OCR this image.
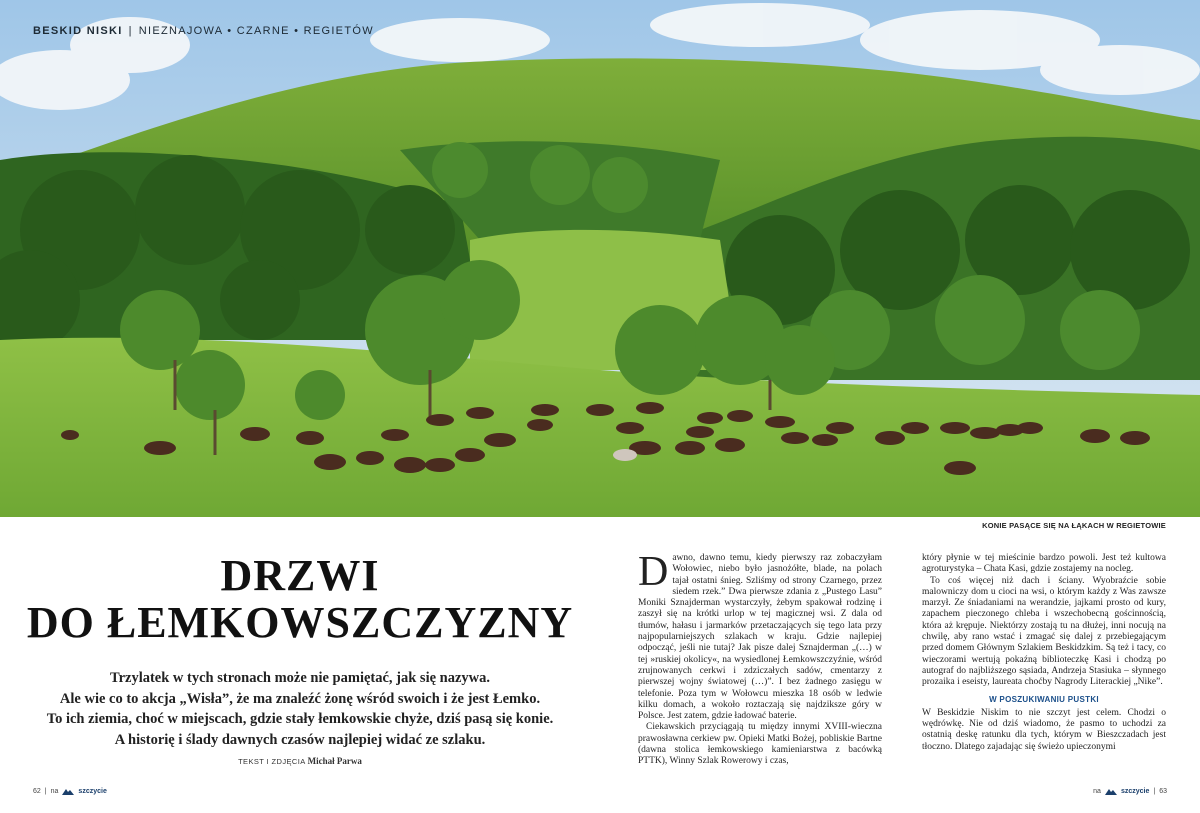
BESKID NISKI | NIEZNAJOWA • CZARNE • REGIETÓW
KONIE PASĄCE SIĘ NA ŁĄKACH W REGIETOWIE
DRZWI
DO ŁEMKOWSZCZYZNY
Trzylatek w tych stronach może nie pamiętać, jak się nazywa.
Ale wie co to akcja „Wisła”, że ma znaleźć żonę wśród swoich i że jest Łemko.
To ich ziemia, choć w miejscach, gdzie stały łemkowskie chyże, dziś pasą się konie.
A historię i ślady dawnych czasów najlepiej widać ze szlaku.
TEKST I ZDJĘCIA Michał Parwa
62 | na	szczycie

Dawno, dawno temu, kiedy pierwszy raz zobaczyłam Wołowiec, niebo było jasnożółte, blade, na polach tajał ostatni śnieg. Szliśmy od strony Czarnego, przez siedem rzek.” Dwa pierwsze zdania z „Pustego Lasu” Moniki Sznajderman wystarczyły, żebym spakował rodzinę i zaszył się na krótki urlop w tej magicznej wsi. Z dala od tłumów, hałasu i jarmarków przetaczających się tego lata przy najpopularniejszych szlakach w kraju. Gdzie najlepiej odpocząć, jeśli nie tutaj? Jak pisze dalej Sznajderman „(…) w tej »ruskiej okolicy«, na wysiedlonej Łemkowszczyźnie, wśród zrujnowanych cerkwi i zdziczałych sadów, cmentarzy z pierwszej wojny światowej (…)”. I bez żadnego zasięgu w telefonie. Poza tym w Wołowcu mieszka 18 osób w ledwie kilku domach, a wokoło roztaczają się najdziksze góry w Polsce. Jest zatem, gdzie ładować baterie.

Ciekawskich przyciągają tu między innymi XVIII-wieczna prawosławna cerkiew pw. Opieki Matki Bożej, pobliskie Bartne (dawna stolica łemkowskiego kamieniarstwa z bacówką PTTK), Winny Szlak Rowerowy i czas,

który płynie w tej mieścinie bardzo powoli. Jest też kultowa agroturystyka – Chata Kasi, gdzie zostajemy na nocleg.

To coś więcej niż dach i ściany. Wyobraźcie sobie malowniczy dom u cioci na wsi, o którym każdy z Was zawsze marzył. Ze śniadaniami na werandzie, jajkami prosto od kury, zapachem pieczonego chleba i wszechobecną gościnnością, która aż krępuje. Niektórzy zostają tu na dłużej, inni nocują na chwilę, aby rano wstać i zmagać się dalej z przebiegającym przed domem Głównym Szlakiem Beskidzkim. Są też i tacy, co wieczorami wertują pokaźną biblioteczkę Kasi i chodzą po autograf do najbliższego sąsiada, Andrzeja Stasiuka – słynnego prozaika i eseisty, laureata choćby Nagrody Literackiej „Nike”.

W POSZUKIWANIU PUSTKI

W Beskidzie Niskim to nie szczyt jest celem. Chodzi o wędrówkę. Nie od dziś wiadomo, że pasmo to uchodzi za ostatnią deskę ratunku dla tych, którym w Bieszczadach jest tłoczno. Dlatego zajadając się świeżo upieczonymi

na	szczycie | 63
